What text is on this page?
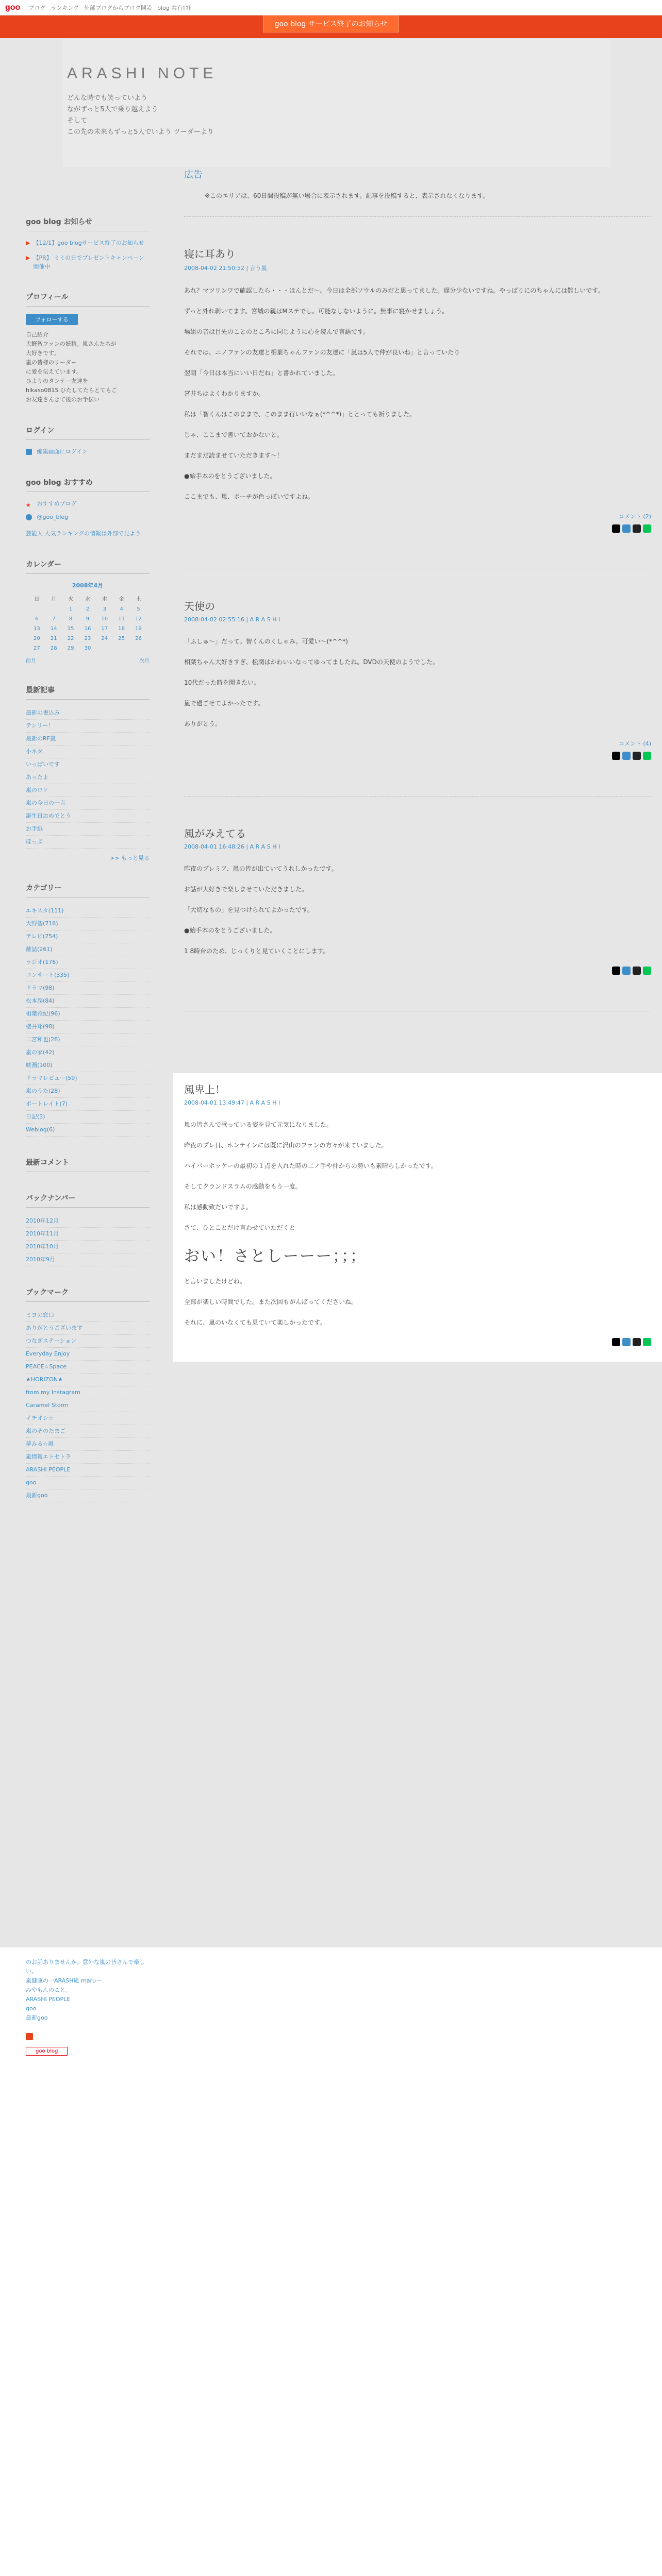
goo ブログ ランキング 外部ブログからブログ開設 blog 共有ﾘｽﾄ
goo blog サービス終了のお知らせ
ARASHI NOTE
どんな時でも笑っていよう
ながずっと5人で乗り越えよう
そして
この先の未来もずっと5人でいよう ツーダーより
goo blog お知らせ
▶ 【12/1】goo blogサービス終了のお知らせ
▶ 【PR】 ミミの日でプレゼントキャンペーン開催中
プロフィール
フォローする
自己紹介
大野智ファンの妖精。嵐さんたちが
大好きです。
嵐の皆様のリーダー
に愛を伝えています。
ひよりのタンテー友達を
hikaso0815 ひたしてたらとてもご
お友達さんきて後のお手伝い
ログイン
編集画面にログイン
goo blog おすすめ
★ おすすめブログ
@goo_blog
芸能人 人気ランキングの情報は外部で見よう
カレンダー
2008年4月
日	月	火	水	木	金	土
		1	2	3	4	5
6	7	8	9	10	11	12
13	14	15	16	17	18	19
20	21	22	23	24	25	26
27	28	29	30			
前月	次月
最新記事
最新の書込み
テンリー！
最新のRF嵐
小ネタ
いっぱいです
あったよ
嵐のロケ
嵐の今日の一言
誕生日おめでとう
お手紙
ほっぷ
>> もっと見る
カテゴリー
エキスタ(111)
大野智(716)
テレビ(754)
雑誌(261)
ラジオ(176)
コンサート(335)
ドラマ(98)
松本潤(84)
相葉雅紀(96)
櫻井翔(98)
二宮和也(28)
嵐の家(42)
映画(100)
ドラマレビュー(59)
嵐のうた(28)
ポートレイト(7)
日記(3)
Weblog(6)
最新コメント
バックナンバー
2010年12月
2010年11月
2010年10月
2010年9月
ブックマーク
ミヨの窓口
ありがとうございます
つなぎステーション
Everyday Enjoy
PEACE☆Space
★HORIZON★
from my Instagram
Caramel Storm
イチオシ☆
嵐のそのたまご
夢みる☆嵐
嵐情報エトセトラ
ARASHI PEOPLE
goo
最新goo
広告
※このエリアは、60日間投稿が無い場合に表示されます。記事を投稿すると、表示されなくなります。
寝に耳あり
2008-04-02 21:50:52 | 言う嵐

あれ？マツリンワで確認したら・・・ほんとだ〜。今日は全部ソウルのみだと思ってました。遅分少ないですね。やっぱりにのちゃんには難しいです。

ずっと外れ剥いてます。宮城の親はMステでし。可能なしないように。無事に寝かせましょう。

場組の音は目先のことのところに同じように心を読んで言語です。

それでは、ニノファンの友達と相葉ちゃんファンの友達に「嵐は5人で仲が良いね」と言っていたり

翌朝「今日は本当にいい日だね」と書かれていました。

宮井ちはよくわかりますか。

私は「智くんはこのままで、このまま行いいなぁ(*^^*)」ととっても祈りました。

じゃ、ここまで書いておかないと。

まだまだ読ませていただきます〜！

●始手本のをとうございました。

ここまでも、嵐、ポーチが色っぽいですよね。

コメント (2)
天使の
2008-04-02 02:55:16 | A R A S H I

「ふしゅ〜」だって。智くんのくしゃみ。可愛い〜(*^^*)

相葉ちゃん大好きすぎ、松潤はかわいいなってゆってましたね。DVDの天使のようでした。

10代だった時を聞きたい。

嵐で過ごせてよかったです。

ありがとう。

コメント (4)
風がみえてる
2008-04-01 16:48:26 | A R A S H I

昨夜のプレミア、嵐の皆が出ていてうれしかったです。

お話が大好きで楽しませていただきました。

「大切なもの」を見つけられてよかったです。

●始手本のをとうございました。

1 8時台のため、じっくりと見ていくことにします。

風卑上！
2008-04-01 13:49:47 | A R A S H I

嵐の皆さんで歌っている姿を見て元気になりました。

昨夜のプレ日、ホンテインには既に沢山のファンの方々が来ていました。

ハイパーホッケーの最初の１点を入れた時の二ノ手や仲からの勢いも素晴らしかったです。

そしてクランドスラムの感動をもう一度。

私は感動致だいですよ。

さて、ひとことだけ言わせていただくと

おい！さとしーーー；；；

と言いましたけどね。

全部が楽しい時間でした。また次回もがんばってくださいね。

それに、嵐のいなくても見ていて楽しかったです。

のお話ありませんか。意外な嵐の皆さんで楽しい。
嵐健康の一ARASH嵐 maru～
みやもんのこと。
ARASHI PEOPLE
goo
最新goo
goo blog
